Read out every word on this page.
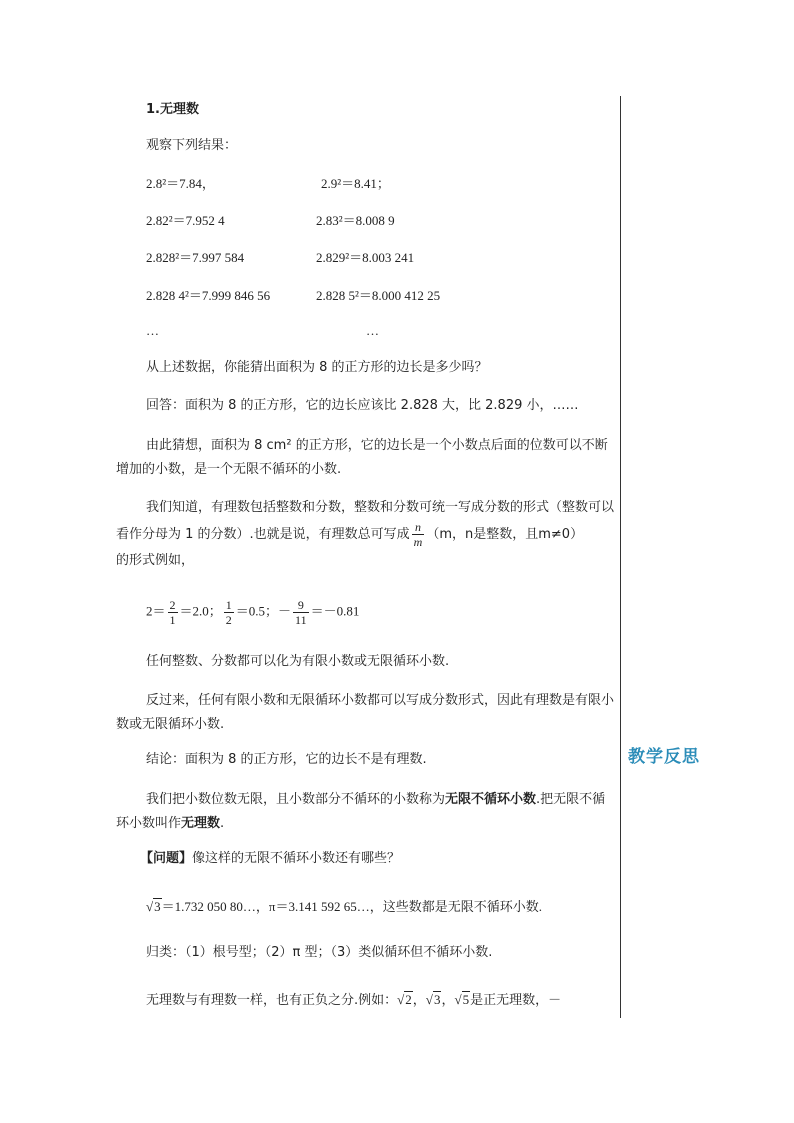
教学反思
1.无理数
观察下列结果：
2.8²＝7.84，	2.9²＝8.41；
2.82²＝7.952 4	2.83²＝8.008 9
2.828²＝7.997 584	2.829²＝8.003 241
2.828 4²＝7.999 846 56	2.828 5²＝8.000 412 25
…	…
从上述数据，你能猜出面积为 8 的正方形的边长是多少吗？
回答：面积为 8 的正方形，它的边长应该比 2.828 大，比 2.829 小，……
由此猜想，面积为 8 cm² 的正方形，它的边长是一个小数点后面的位数可以不断增加的小数，是一个无限不循环的小数.
我们知道，有理数包括整数和分数，整数和分数可统一写成分数的形式（整数可以看作分母为 1 的分数）.也就是说，有理数总可写成 $\frac{n}{m} (m$，n是整数，且m≠0）
的形式例如，
$2= \frac{2}{1} =2.0$； $\frac{1}{2} =0.5$；－ $\frac{9}{11} =-0.81$
任何整数、分数都可以化为有限小数或无限循环小数.
反过来，任何有限小数和无限循环小数都可以写成分数形式，因此有理数是有限小数或无限循环小数.
结论：面积为 8 的正方形，它的边长不是有理数.
我们把小数位数无限，且小数部分不循环的小数称为无限不循环小数.把无限不循环小数叫作无理数.
【问题】像这样的无限不循环小数还有哪些？
√3＝1.732 050 80…，π＝3.141 592 65…，这些数都是无限不循环小数.
归类：（1）根号型；（2）π 型；（3）类似循环但不循环小数.
无理数与有理数一样，也有正负之分.例如：√2，√3，√5是正无理数，－
